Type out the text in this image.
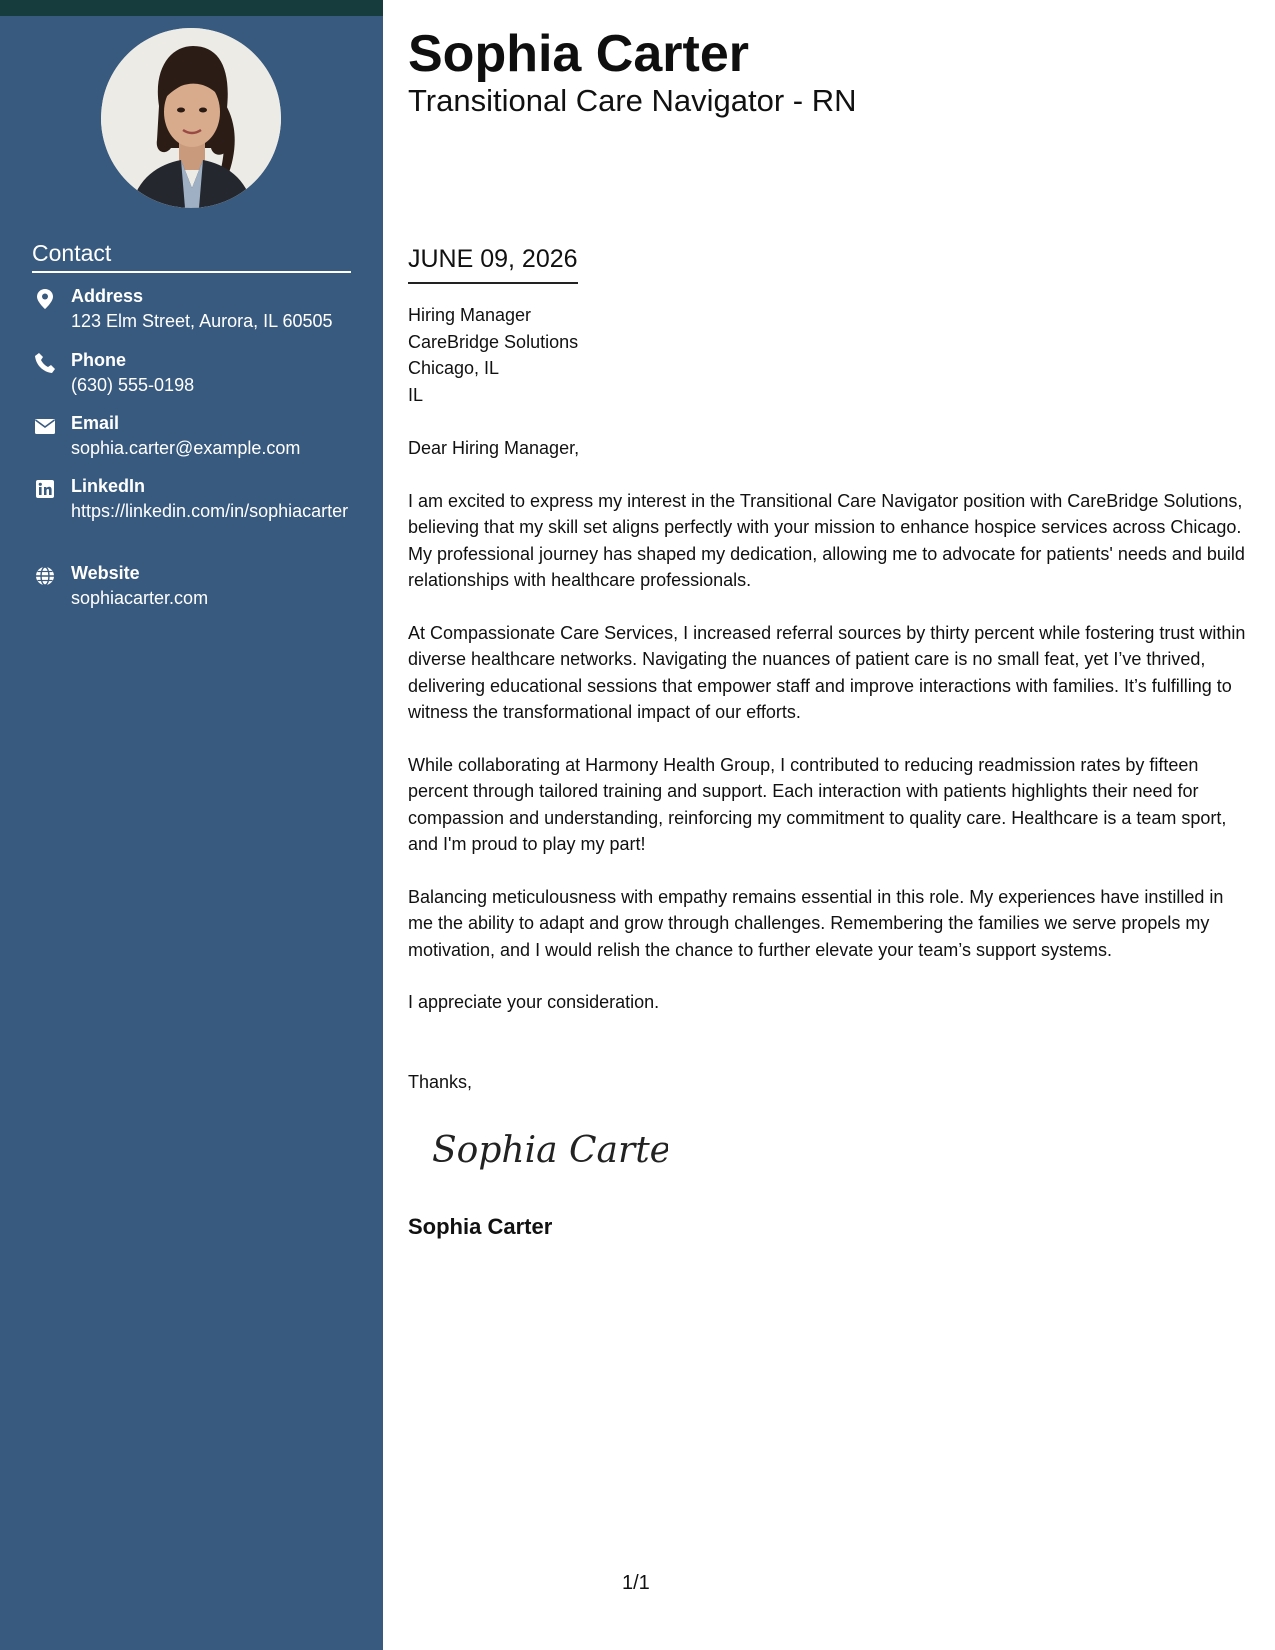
Contact
Address
123 Elm Street, Aurora, IL 60505
Phone
(630) 555-0198
Email
sophia.carter@example.com
LinkedIn
https://linkedin.com/in/sophiacarter
Website
sophiacarter.com
Sophia Carter
Transitional Care Navigator - RN
JUNE 09, 2026
Hiring Manager
CareBridge Solutions
Chicago, IL
IL

Dear Hiring Manager,

I am excited to express my interest in the Transitional Care Navigator position with CareBridge Solutions, believing that my skill set aligns perfectly with your mission to enhance hospice services across Chicago. My professional journey has shaped my dedication, allowing me to advocate for patients' needs and build relationships with healthcare professionals.

At Compassionate Care Services, I increased referral sources by thirty percent while fostering trust within diverse healthcare networks. Navigating the nuances of patient care is no small feat, yet I’ve thrived, delivering educational sessions that empower staff and improve interactions with families. It’s fulfilling to witness the transformational impact of our efforts.

While collaborating at Harmony Health Group, I contributed to reducing readmission rates by fifteen percent through tailored training and support. Each interaction with patients highlights their need for compassion and understanding, reinforcing my commitment to quality care. Healthcare is a team sport, and I'm proud to play my part!

Balancing meticulousness with empathy remains essential in this role. My experiences have instilled in me the ability to adapt and grow through challenges. Remembering the families we serve propels my motivation, and I would relish the chance to further elevate your team’s support systems.

I appreciate your consideration.

Thanks,
Sophia Carter
Sophia Carter
1/1
